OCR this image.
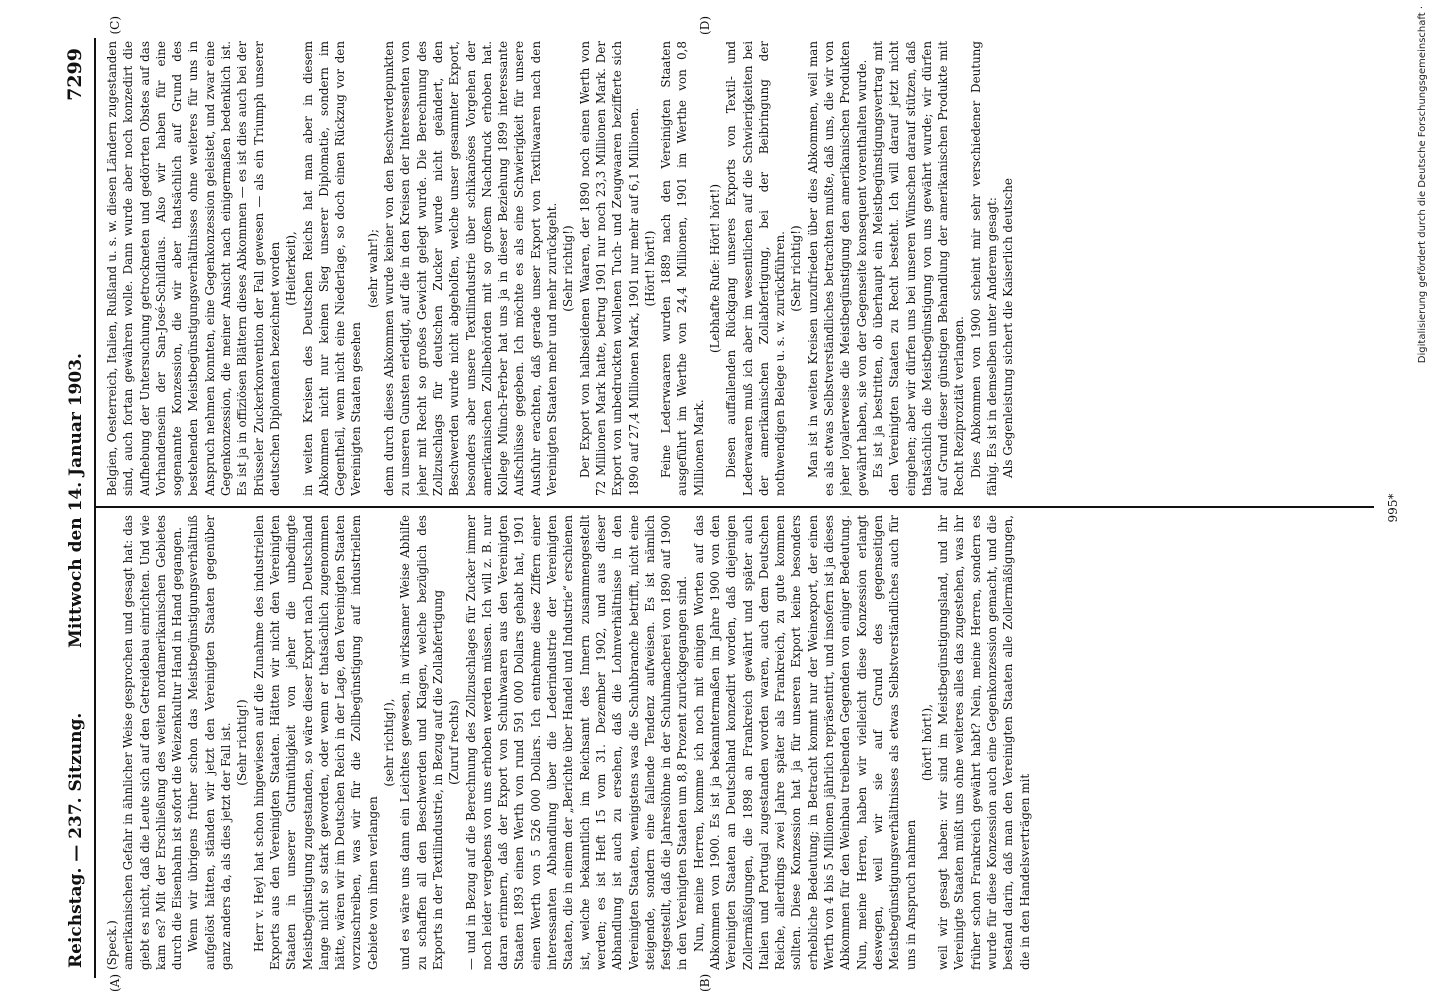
Reichstag. — 237. Sitzung.
Mittwoch den 14. Januar 1903.
7299
(A)	(B)
(C)	(D)

(Speck.) amerikanischen Gefahr in ähnlicher Weise gesprochen und gesagt hat: das giebt es nicht, daß die Leute sich auf den Getreidebau einrichten. Und wie kam es? Mit der Erschließung des weiten nordamerikanischen Gebietes durch die Eisenbahn ist sofort die Weizenkultur Hand in Hand gegangen. Wenn wir übrigens früher schon das Meistbegünstigungsverhältniß aufgelöst hätten, ständen wir jetzt den Vereinigten Staaten gegenüber ganz anders da, als dies jetzt der Fall ist. (Sehr richtig!) Herr v. Heyl hat schon hingewiesen auf die Zunahme des industriellen Exports aus den Vereinigten Staaten. Hätten wir nicht den Vereinigten Staaten in unserer Gutmüthigkeit von jeher die unbedingte Meistbegünstigung zugestanden, so wäre dieser Export nach Deutschland lange nicht so stark geworden, oder wenn er thatsächlich zugenommen hätte, wären wir im Deutschen Reich in der Lage, den Vereinigten Staaten vorzuschreiben, was wir für die Zollbegünstigung auf industriellem Gebiete von ihnen verlangen

(sehr richtig!), und es wäre uns dann ein Leichtes gewesen, in wirksamer Weise Abhilfe zu schaffen all den Beschwerden und Klagen, welche bezüglich des Exports in der Textilindustrie, in Bezug auf die Zollabfertigung (Zuruf rechts) — und in Bezug auf die Berechnung des Zollzuschlages für Zucker immer noch leider vergebens von uns erhoben werden müssen. Ich will z. B. nur daran erinnern, daß der Export von Schuhwaaren aus den Vereinigten Staaten 1893 einen Werth von rund 591 000 Dollars gehabt hat, 1901 einen Werth von 5 526 000 Dollars. Ich entnehme diese Ziffern einer interessanten Abhandlung über die Lederindustrie der Vereinigten Staaten, die in einem der „Berichte über Handel und Industrie“ erschienen ist, welche bekanntlich im Reichsamt des Innern zusammengestellt werden; es ist Heft 15 vom 31. Dezember 1902, und aus dieser Abhandlung ist auch zu ersehen, daß die Lohnverhältnisse in den Vereinigten Staaten, wenigstens was die Schuhbranche betrifft, nicht eine steigende, sondern eine fallende Tendenz aufweisen. Es ist nämlich festgestellt, daß die Jahreslöhne in der Schuhmacherei von 1890 auf 1900 in den Vereinigten Staaten um 8,8 Prozent zurückgegangen sind. Nun, meine Herren, komme ich noch mit einigen Worten auf das Abkommen von 1900. Es ist ja bekanntermaßen im Jahre 1900 von den Vereinigten Staaten an Deutschland konzedirt worden, daß diejenigen Zollermäßigungen, die 1898 an Frankreich gewährt und später auch Italien und Portugal zugestanden worden waren, auch dem Deutschen Reiche, allerdings zwei Jahre später als Frankreich, zu gute kommen sollten. Diese Konzession hat ja für unseren Export keine besonders erhebliche Bedeutung; in Betracht kommt nur der Weinexport, der einen Werth von 4 bis 5 Millionen jährlich repräsentirt, und insofern ist ja dieses Abkommen für den Weinbau treibenden Gegenden von einiger Bedeutung. Nun, meine Herren, haben wir vielleicht diese Konzession erlangt deswegen, weil wir sie auf Grund des gegenseitigen Meistbegünstigungsverhältnisses als etwas Selbstverständliches auch für uns in Anspruch nahmen

(hört! hört!), weil wir gesagt haben: wir sind im Meistbegünstigungsland, und ihr Vereinigte Staaten müßt uns ohne weiteres alles das zugestehen, was ihr früher schon Frankreich gewährt habt? Nein, meine Herren, sondern es wurde für diese Konzession auch eine Gegenkonzession gemacht, und die bestand darin, daß man den Vereinigten Staaten alle Zollermäßigungen, die in den Handelsverträgen mit

Belgien, Oesterreich, Italien, Rußland u. s. w. diesen Ländern zugestanden sind, auch fortan gewähren wolle. Dann wurde aber noch konzedirt die Aufhebung der Untersuchung getrockneten und gedörrten Obstes auf das Vorhandensein der San-José-Schildlaus. Also wir haben für eine sogenannte Konzession, die wir aber thatsächlich auf Grund des bestehenden Meistbegünstigungsverhältnisses ohne weiteres für uns in Anspruch nehmen konnten, eine Gegenkonzession geleistet, und zwar eine Gegenkonzession, die meiner Ansicht nach einigermaßen bedenklich ist. Es ist ja in offiziösen Blättern dieses Abkommen — es ist dies auch bei der Brüsseler Zuckerkonvention der Fall gewesen — als ein Triumph unserer deutschen Diplomaten bezeichnet worden (Heiterkeit), in weiten Kreisen des Deutschen Reichs hat man aber in diesem Abkommen nicht nur keinen Sieg unserer Diplomatie, sondern im Gegentheil, wenn nicht eine Niederlage, so doch einen Rückzug vor den Vereinigten Staaten gesehen

(sehr wahr!); denn durch dieses Abkommen wurde keiner von den Beschwerdepunkten zu unseren Gunsten erledigt, auf die in den Kreisen der Interessenten von jeher mit Recht so großes Gewicht gelegt wurde. Die Berechnung des Zollzuschlags für deutschen Zucker wurde nicht geändert, den Beschwerden wurde nicht abgeholfen, welche unser gesammter Export, besonders aber unsere Textilindustrie über schikanöses Vorgehen der amerikanischen Zollbehörden mit so großem Nachdruck erhoben hat. Kollege Münch-Ferber hat uns ja in dieser Beziehung 1899 interessante Aufschlüsse gegeben. Ich möchte es als eine Schwierigkeit für unsere Ausfuhr erachten, daß gerade unser Export von Textilwaaren nach den Vereinigten Staaten mehr und mehr zurückgeht. (Sehr richtig!) Der Export von halbseidenen Waaren, der 1890 noch einen Werth von 72 Millionen Mark hatte, betrug 1901 nur noch 23,3 Millionen Mark. Der Export von unbedruckten wollenen Tuch- und Zeugwaaren bezifferte sich 1890 auf 27,4 Millionen Mark, 1901 nur mehr auf 6,1 Millionen. (Hört! hört!) Feine Lederwaaren wurden 1889 nach den Vereinigten Staaten ausgeführt im Werthe von 24,4 Millionen, 1901 im Werthe von 0,8 Millionen Mark.

(Lebhafte Rufe: Hört! hört!) Diesen auffallenden Rückgang unseres Exports von Textil- und Lederwaaren muß ich aber im wesentlichen auf die Schwierigkeiten bei der amerikanischen Zollabfertigung, bei der Beibringung der nothwendigen Belege u. s. w. zurückführen. (Sehr richtig!) Man ist in weiten Kreisen unzufrieden über dies Abkommen, weil man es als etwas Selbstverständliches betrachten mußte, daß uns, die wir von jeher loyalerweise die Meistbegünstigung den amerikanischen Produkten gewährt haben, sie von der Gegenseite konsequent vorenthalten wurde. Es ist ja bestritten, ob überhaupt ein Meistbegünstigungsvertrag mit den Vereinigten Staaten zu Recht besteht. Ich will darauf jetzt nicht eingehen; aber wir dürfen uns bei unseren Wünschen darauf stützen, daß thatsächlich die Meistbegünstigung von uns gewährt wurde; wir dürfen auf Grund dieser günstigen Behandlung der amerikanischen Produkte mit Recht Reziprozität verlangen. Dies Abkommen von 1900 scheint mir sehr verschiedener Deutung fähig. Es ist in demselben unter Anderem gesagt: Als Gegenleistung sichert die Kaiserlich deutsche

995*
Digitalisierung gefördert durch die Deutsche Forschungsgemeinschaft ·
